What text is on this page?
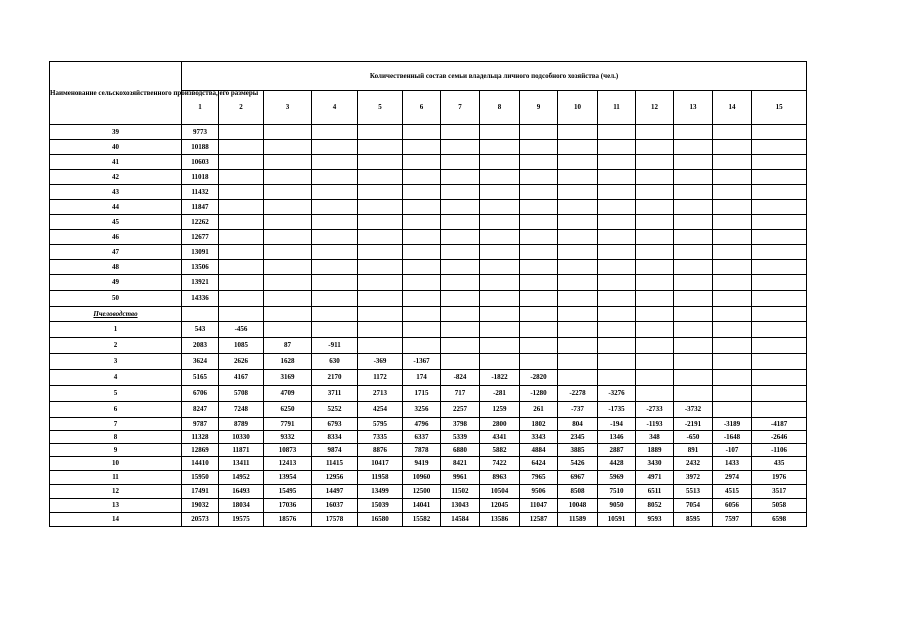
Наименование сельскохозяйственного производства, его размеры	Количественный состав семьи владельца личного подсобного хозяйства (чел.)														
	1	2	3	4	5	6	7	8	9	10	11	12	13	14	15
39	9773														
40	10188														
41	10603														
42	11018														
43	11432														
44	11847														
45	12262														
46	12677														
47	13091														
48	13506														
49	13921														
50	14336														
Пчеловодство															
1	543	-456													
2	2083	1085	87	-911											
3	3624	2626	1628	630	-369	-1367									
4	5165	4167	3169	2170	1172	174	-824	-1822	-2820						
5	6706	5708	4709	3711	2713	1715	717	-281	-1280	-2278	-3276				
6	8247	7248	6250	5252	4254	3256	2257	1259	261	-737	-1735	-2733	-3732		
7	9787	8789	7791	6793	5795	4796	3798	2800	1802	804	-194	-1193	-2191	-3189	-4187
8	11328	10330	9332	8334	7335	6337	5339	4341	3343	2345	1346	348	-650	-1648	-2646
9	12869	11871	10873	9874	8876	7878	6880	5882	4884	3885	2887	1889	891	-107	-1106
10	14410	13411	12413	11415	10417	9419	8421	7422	6424	5426	4428	3430	2432	1433	435
11	15950	14952	13954	12956	11958	10960	9961	8963	7965	6967	5969	4971	3972	2974	1976
12	17491	16493	15495	14497	13499	12500	11502	10504	9506	8508	7510	6511	5513	4515	3517
13	19032	18034	17036	16037	15039	14041	13043	12045	11047	10048	9050	8052	7054	6056	5058
14	20573	19575	18576	17578	16580	15582	14584	13586	12587	11589	10591	9593	8595	7597	6598
